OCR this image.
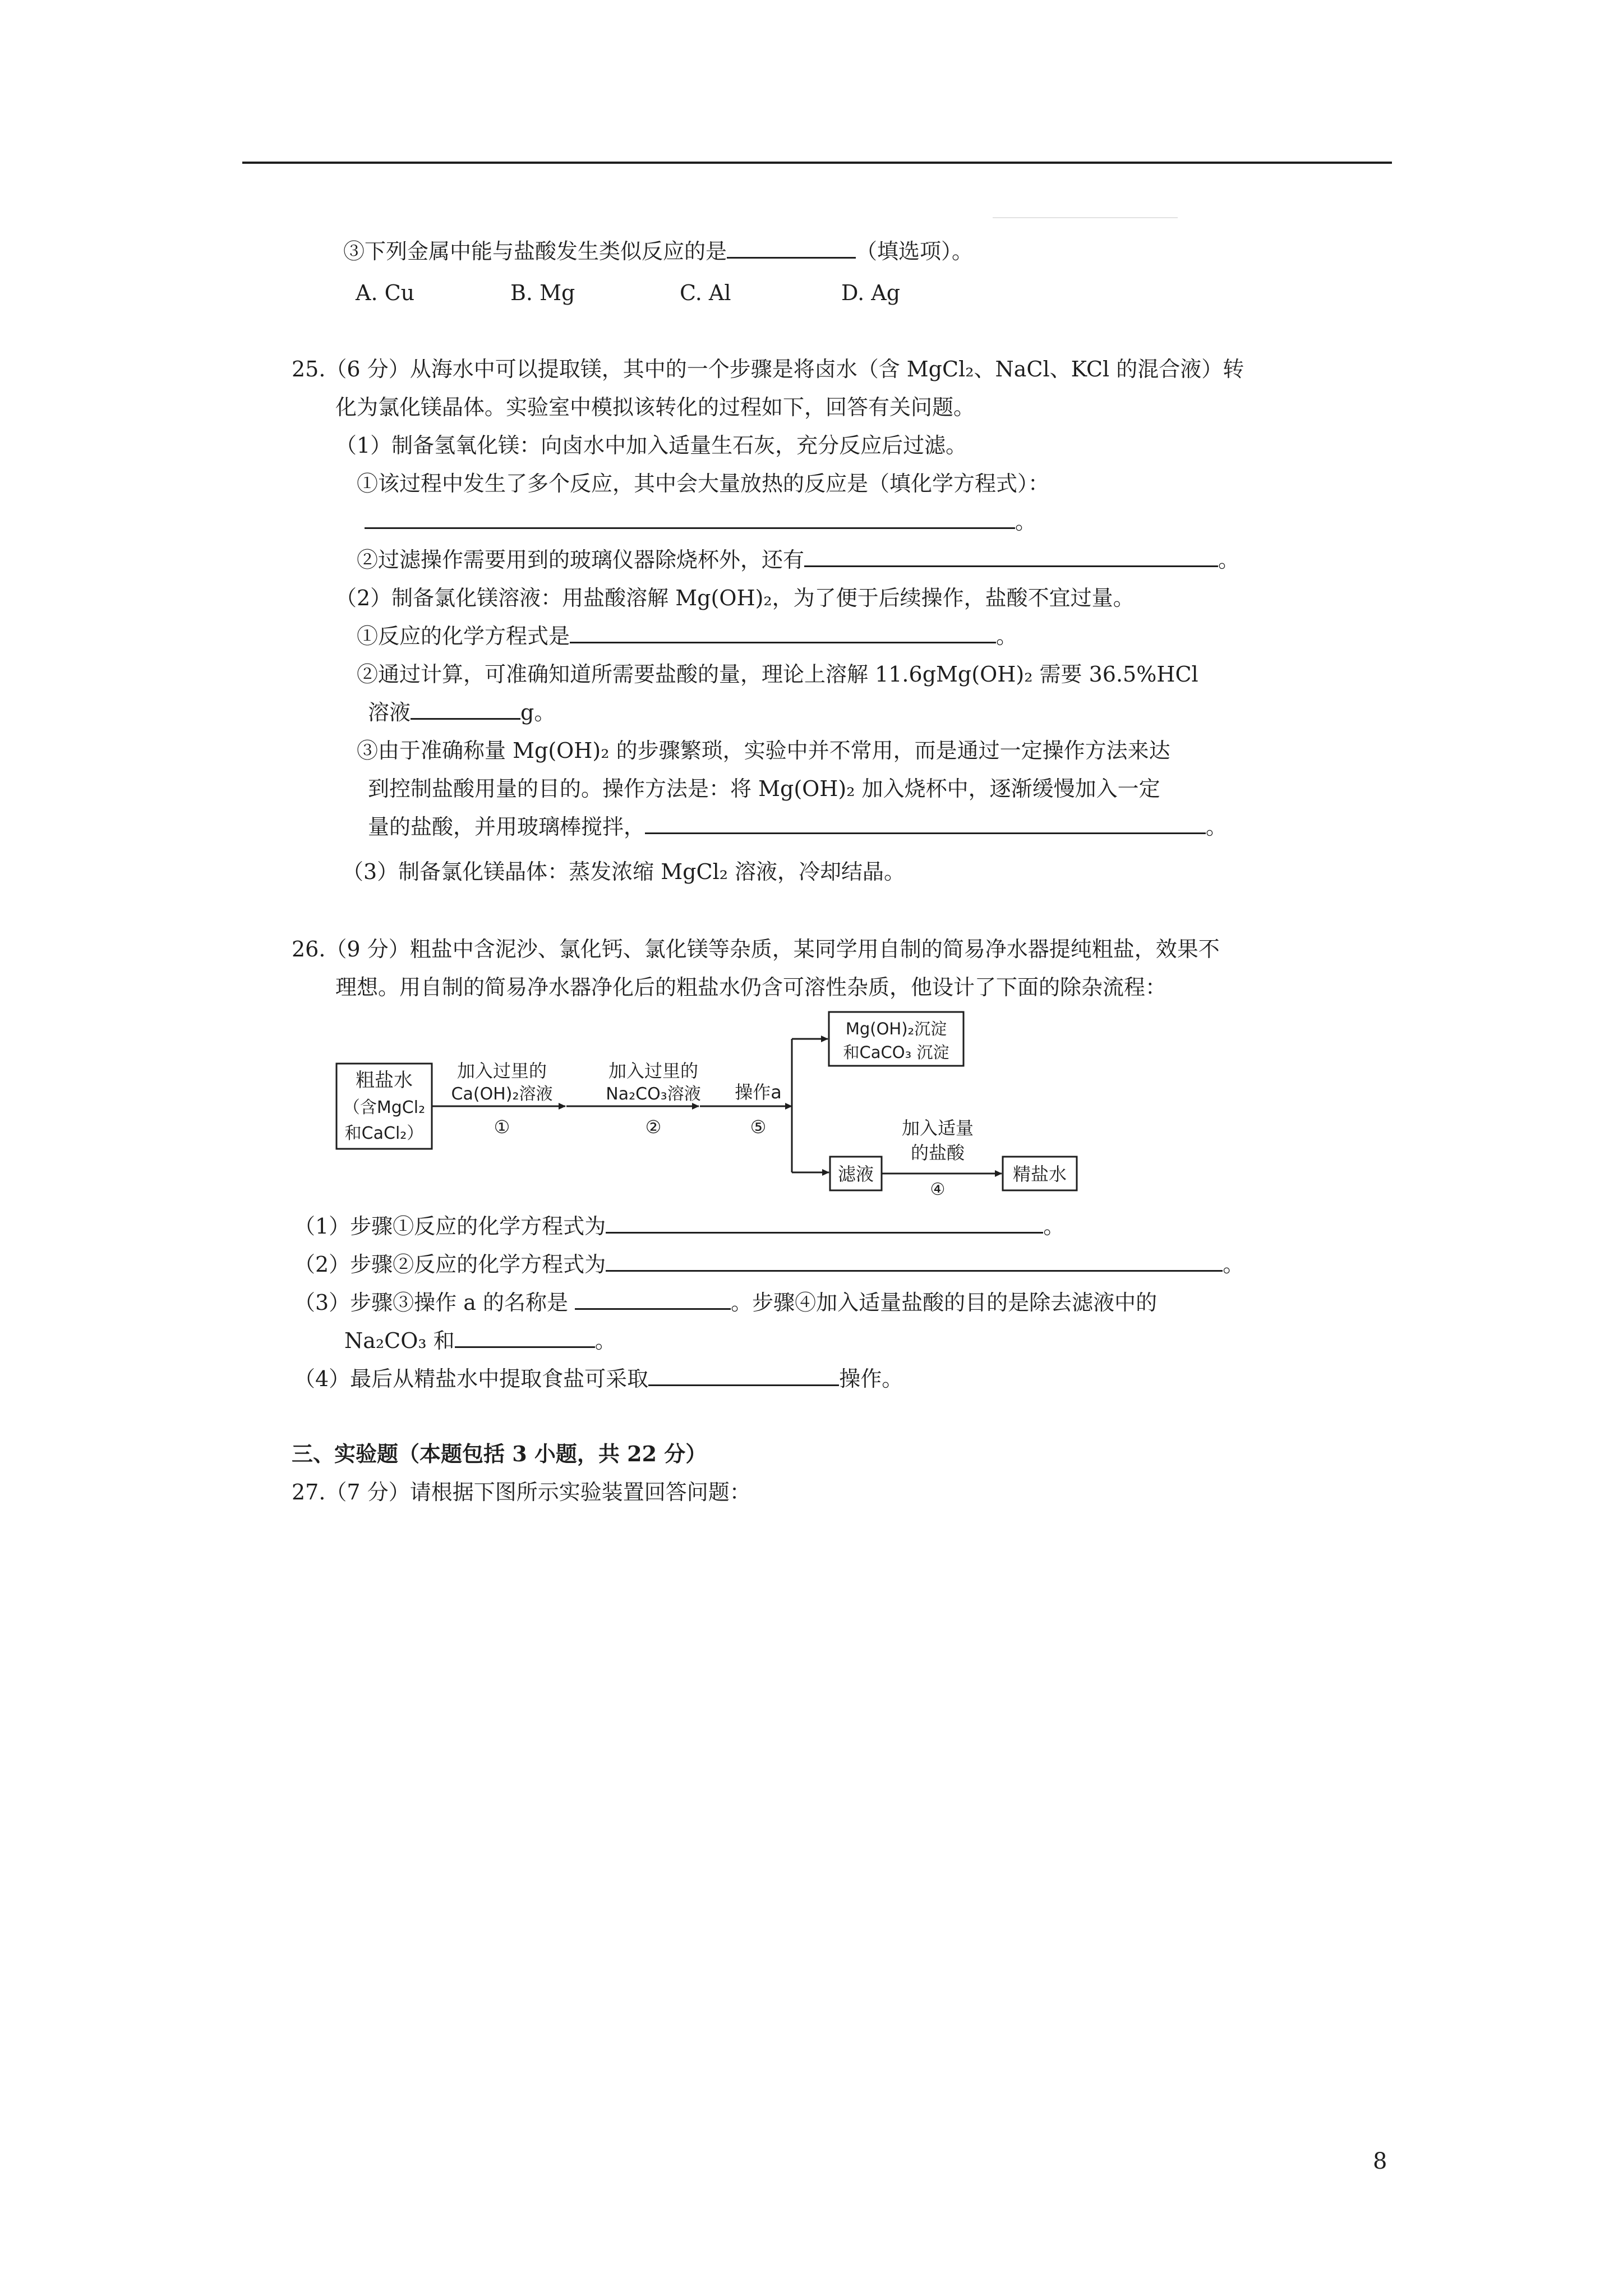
③下列金属中能与盐酸发生类似反应的是	（填选项）。
A. Cu	B. Mg	C. Al	D. Ag
25.（6 分）从海水中可以提取镁，其中的一个步骤是将卤水（含 MgCl₂、NaCl、KCl 的混合液）转
化为氯化镁晶体。实验室中模拟该转化的过程如下，回答有关问题。
（1）制备氢氧化镁：向卤水中加入适量生石灰，充分反应后过滤。
①该过程中发生了多个反应，其中会大量放热的反应是（填化学方程式）：
。
②过滤操作需要用到的玻璃仪器除烧杯外，还有	。
（2）制备氯化镁溶液：用盐酸溶解 Mg(OH)₂，为了便于后续操作，盐酸不宜过量。
①反应的化学方程式是	。
②通过计算，可准确知道所需要盐酸的量，理论上溶解 11.6gMg(OH)₂ 需要 36.5%HCl
溶液	g。
③由于准确称量 Mg(OH)₂ 的步骤繁琐，实验中并不常用，而是通过一定操作方法来达
到控制盐酸用量的目的。操作方法是：将 Mg(OH)₂ 加入烧杯中，逐渐缓慢加入一定
量的盐酸，并用玻璃棒搅拌，	。
（3）制备氯化镁晶体：蒸发浓缩 MgCl₂ 溶液，冷却结晶。
26.（9 分）粗盐中含泥沙、氯化钙、氯化镁等杂质，某同学用自制的简易净水器提纯粗盐，效果不
理想。用自制的简易净水器净化后的粗盐水仍含可溶性杂质，他设计了下面的除杂流程：
粗盐水
（含MgCl₂
和CaCl₂）
加入过里的
Ca(OH)₂溶液
①
加入过里的
Na₂CO₃溶液
②
操作a
⑤
Mg(OH)₂沉淀
和CaCO₃ 沉淀
滤液
加入适量
的盐酸
④
精盐水
（1）步骤①反应的化学方程式为	。
（2）步骤②反应的化学方程式为	。
（3）步骤③操作 a 的名称是	。步骤④加入适量盐酸的目的是除去滤液中的
Na₂CO₃ 和	。
（4）最后从精盐水中提取食盐可采取	操作。
三、实验题（本题包括 3 小题，共 22 分）
27.（7 分）请根据下图所示实验装置回答问题：
8
